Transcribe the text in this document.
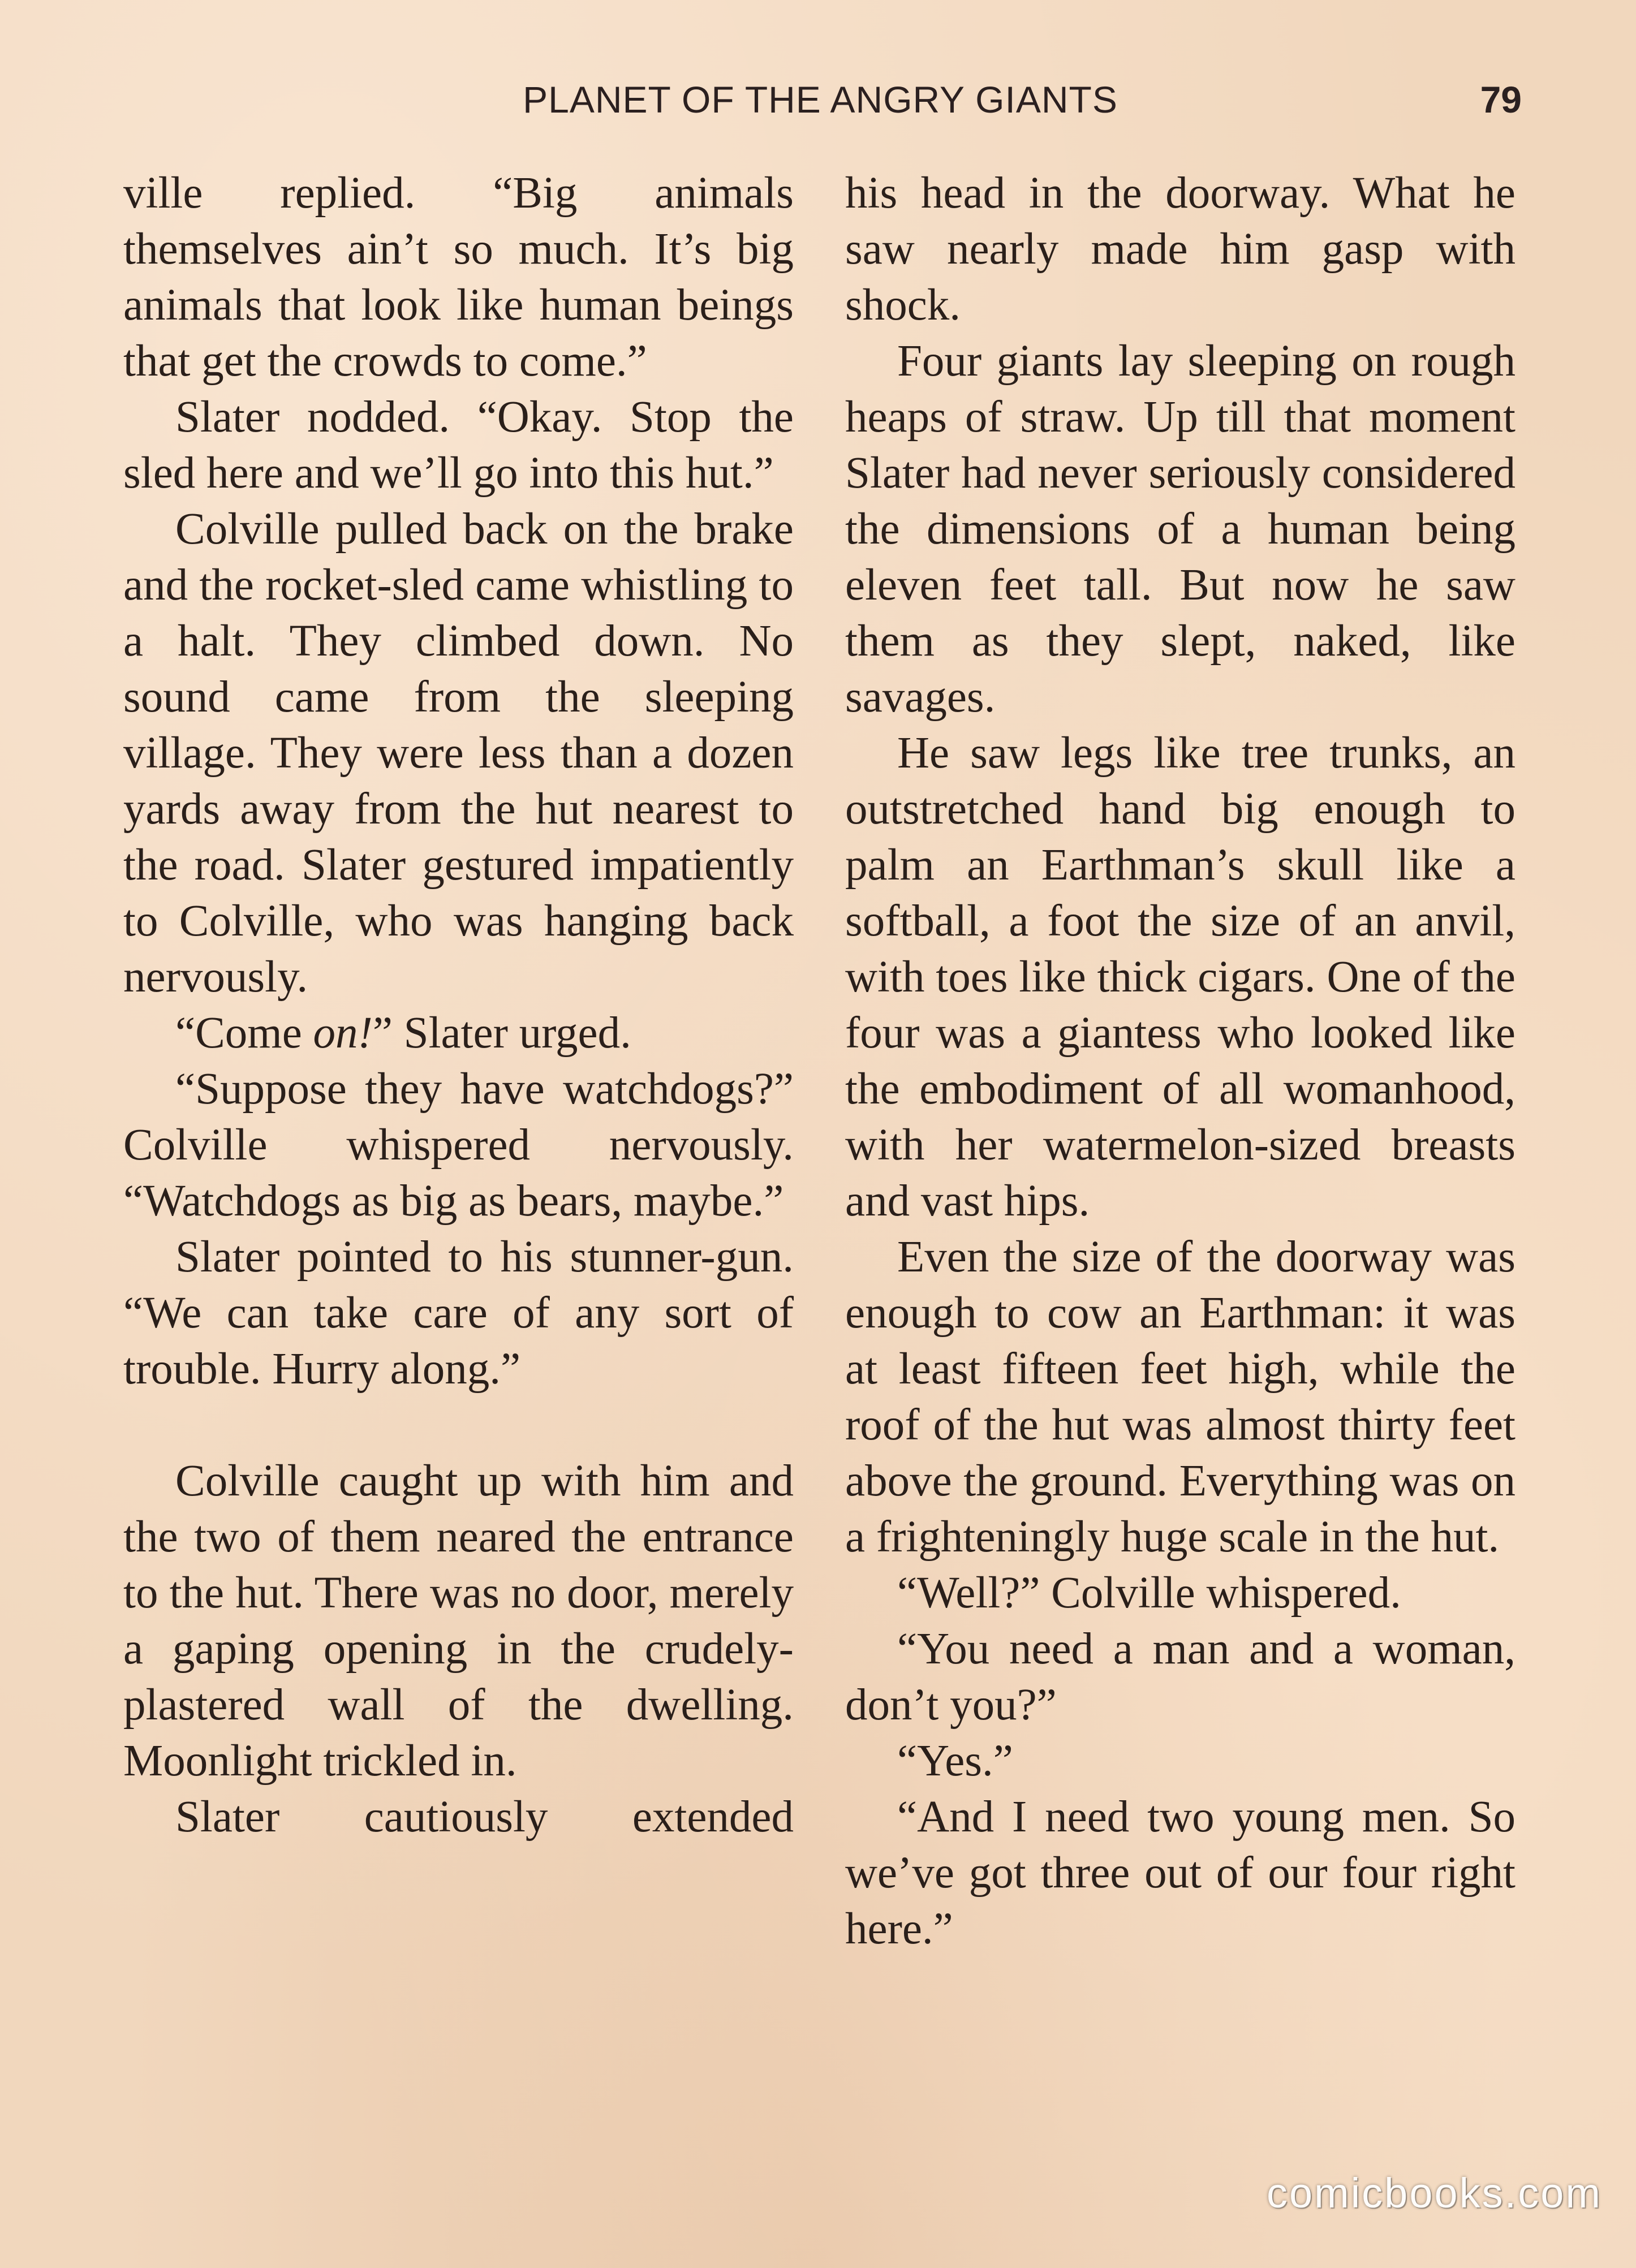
PLANET OF THE ANGRY GIANTS	79

ville replied. “Big animals themselves ain’t so much. It’s big animals that look like human beings that get the crowds to come.”

Slater nodded. “Okay. Stop the sled here and we’ll go into this hut.”

Colville pulled back on the brake and the rocket-sled came whistling to a halt. They climbed down. No sound came from the sleeping village. They were less than a dozen yards away from the hut nearest to the road. Slater gestured impatiently to Colville, who was hanging back nervously.

“Come on!” Slater urged.

“Suppose they have watchdogs?” Colville whispered nervously. “Watchdogs as big as bears, maybe.”

Slater pointed to his stunner-gun. “We can take care of any sort of trouble. Hurry along.”

Colville caught up with him and the two of them neared the entrance to the hut. There was no door, merely a gaping opening in the crudely-plastered wall of the dwelling. Moonlight trickled in.

Slater cautiously extended

his head in the doorway. What he saw nearly made him gasp with shock.

Four giants lay sleeping on rough heaps of straw. Up till that moment Slater had never seriously considered the dimensions of a human being eleven feet tall. But now he saw them as they slept, naked, like savages.

He saw legs like tree trunks, an outstretched hand big enough to palm an Earthman’s skull like a softball, a foot the size of an anvil, with toes like thick cigars. One of the four was a giantess who looked like the embodiment of all womanhood, with her watermelon-sized breasts and vast hips.

Even the size of the doorway was enough to cow an Earthman: it was at least fifteen feet high, while the roof of the hut was almost thirty feet above the ground. Everything was on a frighteningly huge scale in the hut.

“Well?” Colville whispered.

“You need a man and a woman, don’t you?”

“Yes.”

“And I need two young men. So we’ve got three out of our four right here.”

comicbooks.com
